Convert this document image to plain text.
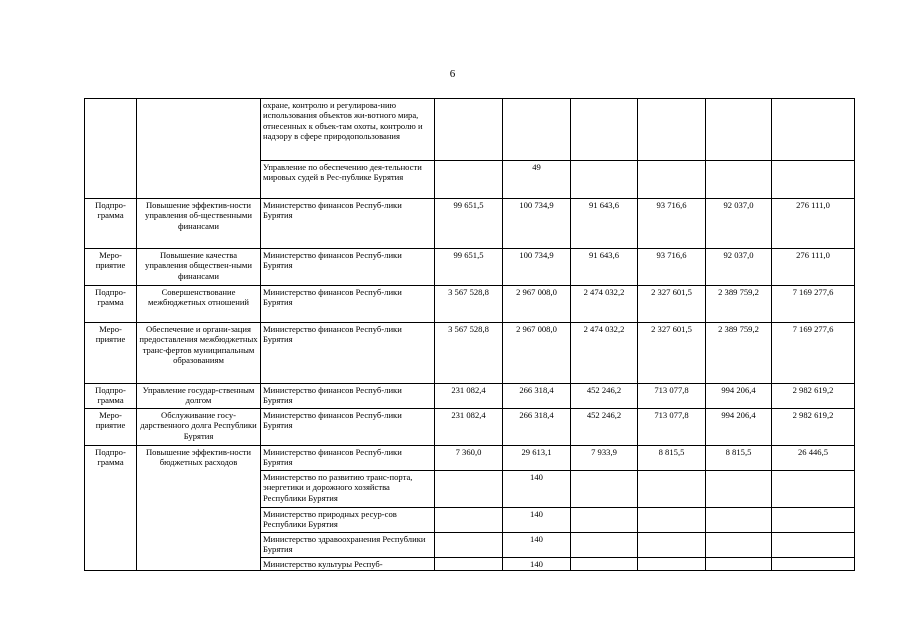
6
		охране, контролю и регулирова-нию использования объектов жи-вотного мира, отнесенных к объек-там охоты, контролю и надзору в сфере природопользования						
		Управление по обеспечению дея-тельности мировых судей в Рес-публике Бурятия		49				
Подпро-грамма	Повышение эффектив-ности управления об-щественными финансами	Министерство финансов Респуб-лики Бурятия	99 651,5	100 734,9	91 643,6	93 716,6	92 037,0	276 111,0
Меро-приятие	Повышение качества управления обществен-ными финансами	Министерство финансов Респуб-лики Бурятия	99 651,5	100 734,9	91 643,6	93 716,6	92 037,0	276 111,0
Подпро-грамма	Совершенствование межбюджетных отношений	Министерство финансов Респуб-лики Бурятия	3 567 528,8	2 967 008,0	2 474 032,2	2 327 601,5	2 389 759,2	7 169 277,6
Меро-приятие	Обеспечение и органи-зация предоставления межбюджетных транс-фертов муниципальным образованиям	Министерство финансов Респуб-лики Бурятия	3 567 528,8	2 967 008,0	2 474 032,2	2 327 601,5	2 389 759,2	7 169 277,6
Подпро-грамма	Управление государ-ственным долгом	Министерство финансов Респуб-лики Бурятия	231 082,4	266 318,4	452 246,2	713 077,8	994 206,4	2 982 619,2
Меро-приятие	Обслуживание госу-дарственного долга Республики Бурятия	Министерство финансов Респуб-лики Бурятия	231 082,4	266 318,4	452 246,2	713 077,8	994 206,4	2 982 619,2
Подпро-грамма	Повышение эффектив-ности бюджетных расходов	Министерство финансов Респуб-лики Бурятия	7 360,0	29 613,1	7 933,9	8 815,5	8 815,5	26 446,5
		Министерство по развитию транс-порта, энергетики и дорожного хозяйства Республики Бурятия		140				
		Министерство природных ресур-сов Республики Бурятия		140				
		Министерство здравоохранения Республики Бурятия		140				
		Министерство культуры Респуб-		140				
